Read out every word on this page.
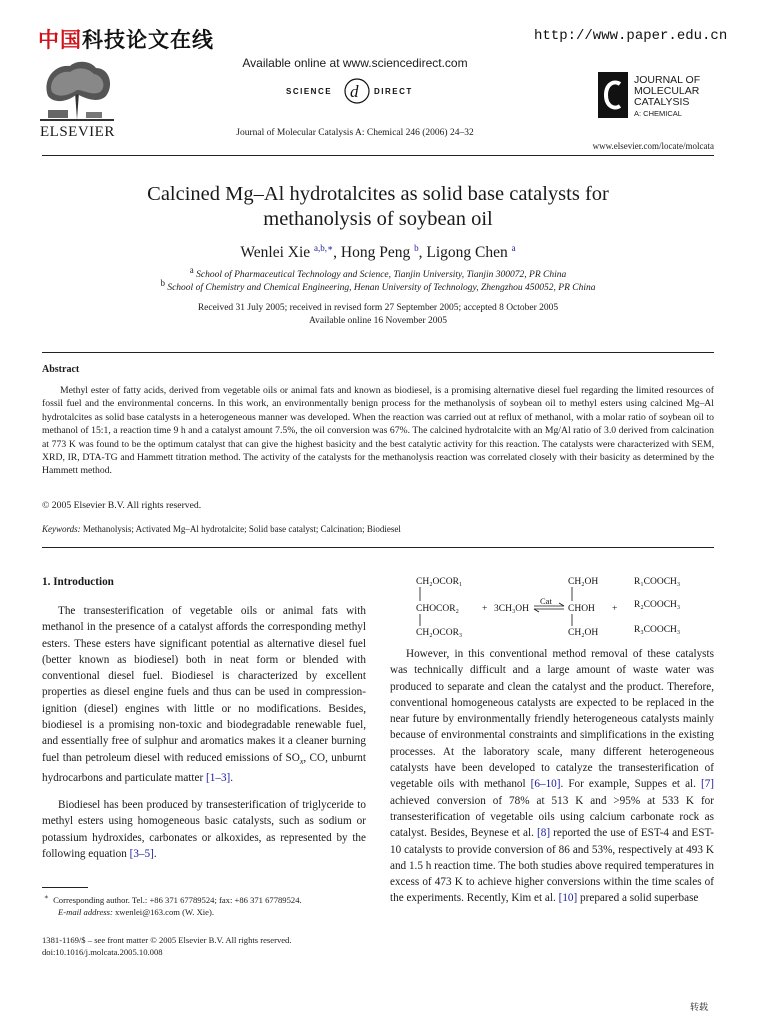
中国科技论文在线	http://www.paper.edu.cn
ELSEVIER
Available online at www.sciencedirect.com
SCIENCE d DIRECT
Journal of Molecular Catalysis A: Chemical 246 (2006) 24–32
JOURNAL OF
MOLECULAR
CATALYSIS
A: CHEMICAL
www.elsevier.com/locate/molcata
Calcined Mg–Al hydrotalcites as solid base catalysts for
methanolysis of soybean oil
Wenlei Xie $^{a,b,∗}$, Hong Peng $^b$, Ligong Chen $^a$
a School of Pharmaceutical Technology and Science, Tianjin University, Tianjin 300072, PR China
b School of Chemistry and Chemical Engineering, Henan University of Technology, Zhengzhou 450052, PR China
Received 31 July 2005; received in revised form 27 September 2005; accepted 8 October 2005
Available online 16 November 2005
Abstract
Methyl ester of fatty acids, derived from vegetable oils or animal fats and known as biodiesel, is a promising alternative diesel fuel regarding the limited resources of fossil fuel and the environmental concerns. In this work, an environmentally benign process for the methanolysis of soybean oil to methyl esters using calcined Mg–Al hydrotalcites as solid base catalysts in a heterogeneous manner was developed. When the reaction was carried out at reflux of methanol, with a molar ratio of soybean oil to methanol of 15:1, a reaction time 9 h and a catalyst amount 7.5%, the oil conversion was 67%. The calcined hydrotalcite with an Mg/Al ratio of 3.0 derived from calcination at 773 K was found to be the optimum catalyst that can give the highest basicity and the best catalytic activity for this reaction. The catalysts were characterized with SEM, XRD, IR, DTA-TG and Hammett titration method. The activity of the catalysts for the methanolysis reaction was correlated closely with their basicity as determined by the Hammett method.
© 2005 Elsevier B.V. All rights reserved.
Keywords: Methanolysis; Activated Mg–Al hydrotalcite; Solid base catalyst; Calcination; Biodiesel
1. Introduction
The transesterification of vegetable oils or animal fats with methanol in the presence of a catalyst affords the corresponding methyl esters. These esters have significant potential as alternative diesel fuel (better known as biodiesel) both in neat form or blended with conventional diesel fuel. Biodiesel is characterized by excellent properties as diesel engine fuels and thus can be used in compression-ignition (diesel) engines with little or no modifications. Besides, biodiesel is a promising non-toxic and biodegradable renewable fuel, and essentially free of sulphur and aromatics makes it a cleaner burning fuel than petroleum diesel with reduced emissions of $SO_x$, CO, unburnt hydrocarbons and particulate matter [1–3].
Biodiesel has been produced by transesterification of triglyceride to methyl esters using homogeneous basic catalysts, such as sodium or potassium hydroxides, carbonates or alkoxides, as represented by the following equation [3–5].
CH₂OCOR₁
CHOCOR₂
CH₂OCOR₃
+ 3CH₃OH
Cat
CH₂OH
CHOH
CH₂OH
+
R₁COOCH₃
R₂COOCH₃
R₃COOCH₃
However, in this conventional method removal of these catalysts was technically difficult and a large amount of waste water was produced to separate and clean the catalyst and the product. Therefore, conventional homogeneous catalysts are expected to be replaced in the near future by environmentally friendly heterogeneous catalysts mainly because of environmental constraints and simplifications in the existing processes. At the laboratory scale, many different heterogeneous catalysts have been developed to catalyze the transesterification of vegetable oils with methanol [6–10]. For example, Suppes et al. [7] achieved conversion of 78% at 513 K and >95% at 533 K for transesterification of vegetable oils using calcium carbonate rock as catalyst. Besides, Beynese et al. [8] reported the use of EST-4 and EST-10 catalysts to provide conversion of 86 and 53%, respectively at 493 K and 1.5 h reaction time. The both studies above required temperatures in excess of 473 K to achieve higher conversions within the time scales of the experiments. Recently, Kim et al. [10] prepared a solid superbase
∗ Corresponding author. Tel.: +86 371 67789524; fax: +86 371 67789524.
E-mail address: xwenlei@163.com (W. Xie).
1381-1169/$ – see front matter © 2005 Elsevier B.V. All rights reserved.
doi:10.1016/j.molcata.2005.10.008
转载
